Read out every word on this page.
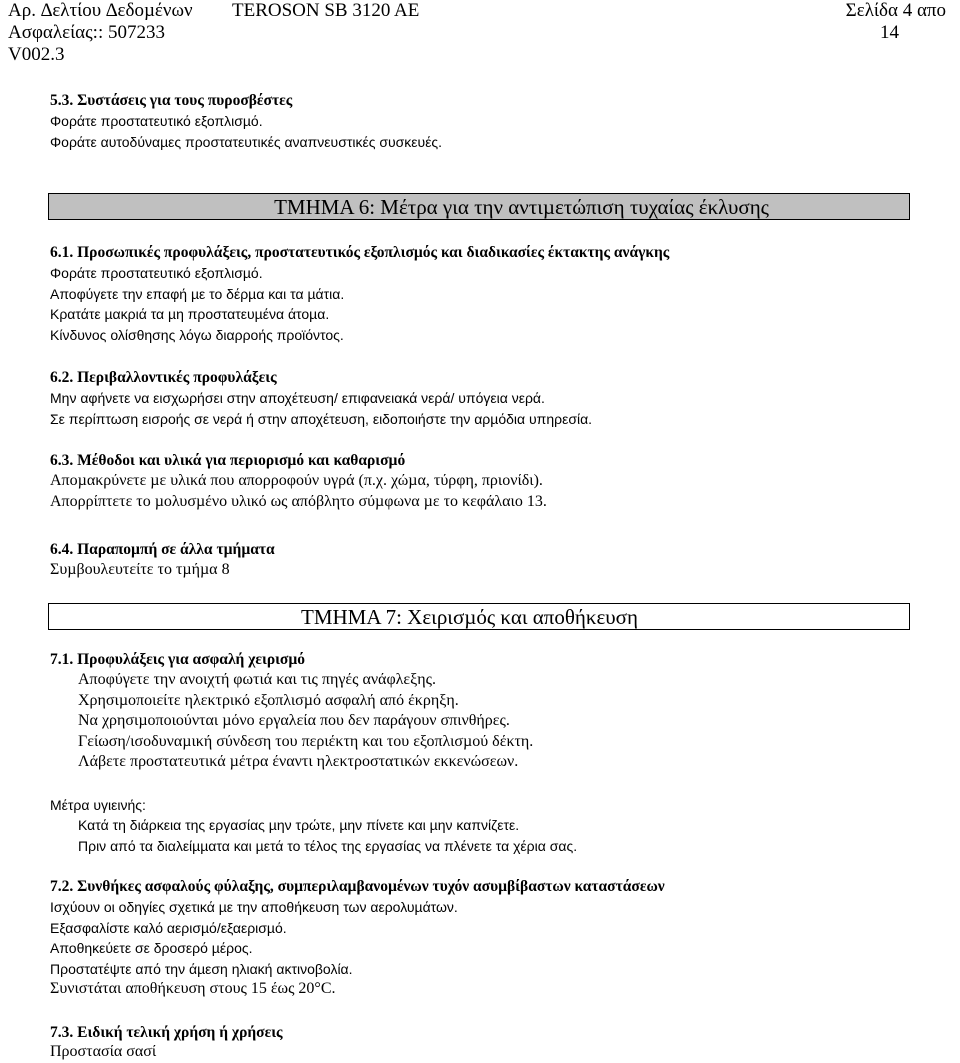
Αρ. ∆ελτίου ∆εδοµένων TEROSON SB 3120 AE	Σελίδα 4 απο
Ασφαλείας:: 507233	14
V002.3
5.3. Συστάσεις για τους πυροσβέστες
Φοράτε προστατευτικό εξοπλισµό.
Φοράτε αυτοδύναµες προστατευτικές αναπνευστικές συσκευές.
ΤΜΗΜΑ 6: Μέτρα για την αντιµετώπιση τυχαίας έκλυσης
6.1. Προσωπικές προφυλάξεις, προστατευτικός εξοπλισµός και διαδικασίες έκτακτης ανάγκης
Φοράτε προστατευτικό εξοπλισµό.
Αποφύγετε την επαφή µε το δέρµα και τα µάτια.
Κρατάτε µακριά τα µη προστατευµένα άτοµα.
Κίνδυνος ολίσθησης λόγω διαρροής προϊόντος.
6.2. Περιβαλλοντικές προφυλάξεις
Μην αφήνετε να εισχωρήσει στην αποχέτευση/ επιφανειακά νερά/ υπόγεια νερά.
Σε περίπτωση εισροής σε νερά ή στην αποχέτευση, ειδοποιήστε την αρµόδια υπηρεσία.
6.3. Μέθοδοι και υλικά για περιορισµό και καθαρισµό
Αποµακρύνετε µε υλικά που απορροφούν υγρά (π.χ. χώµα, τύρφη, πριονίδι).
Απορρίπτετε το µολυσµένο υλικό ως απόβλητο σύµφωνα µε το κεφάλαιο 13.
6.4. Παραποµπή σε άλλα τµήµατα
Συµβουλευτείτε το τµήµα 8
ΤΜΗΜΑ 7: Χειρισµός και αποθήκευση
7.1. Προφυλάξεις για ασφαλή χειρισµό
Αποφύγετε την ανοιχτή φωτιά και τις πηγές ανάφλεξης.
Χρησιµοποιείτε ηλεκτρικό εξοπλισµό ασφαλή από έκρηξη.
Να χρησιµοποιούνται µόνο εργαλεία που δεν παράγουν σπινθήρες.
Γείωση/ισοδυναµική σύνδεση του περιέκτη και του εξοπλισµού δέκτη.
Λάβετε προστατευτικά µέτρα έναντι ηλεκτροστατικών εκκενώσεων.
Μέτρα υγιεινής:
Κατά τη διάρκεια της εργασίας µην τρώτε, µην πίνετε και µην καπνίζετε.
Πριν από τα διαλείµµατα και µετά το τέλος της εργασίας να πλένετε τα χέρια σας.
7.2. Συνθήκες ασφαλούς φύλαξης, συµπεριλαµβανοµένων τυχόν ασυµβίβαστων καταστάσεων
Ισχύουν οι οδηγίες σχετικά µε την αποθήκευση των αερολυµάτων.
Εξασφαλίστε καλό αερισµό/εξαερισµό.
Αποθηκεύετε σε δροσερό µέρος.
Προστατέψτε από την άµεση ηλιακή ακτινοβολία.
Συνιστάται αποθήκευση στους 15 έως 20°C.
7.3. Ειδική τελική χρήση ή χρήσεις
Προστασία σασί
